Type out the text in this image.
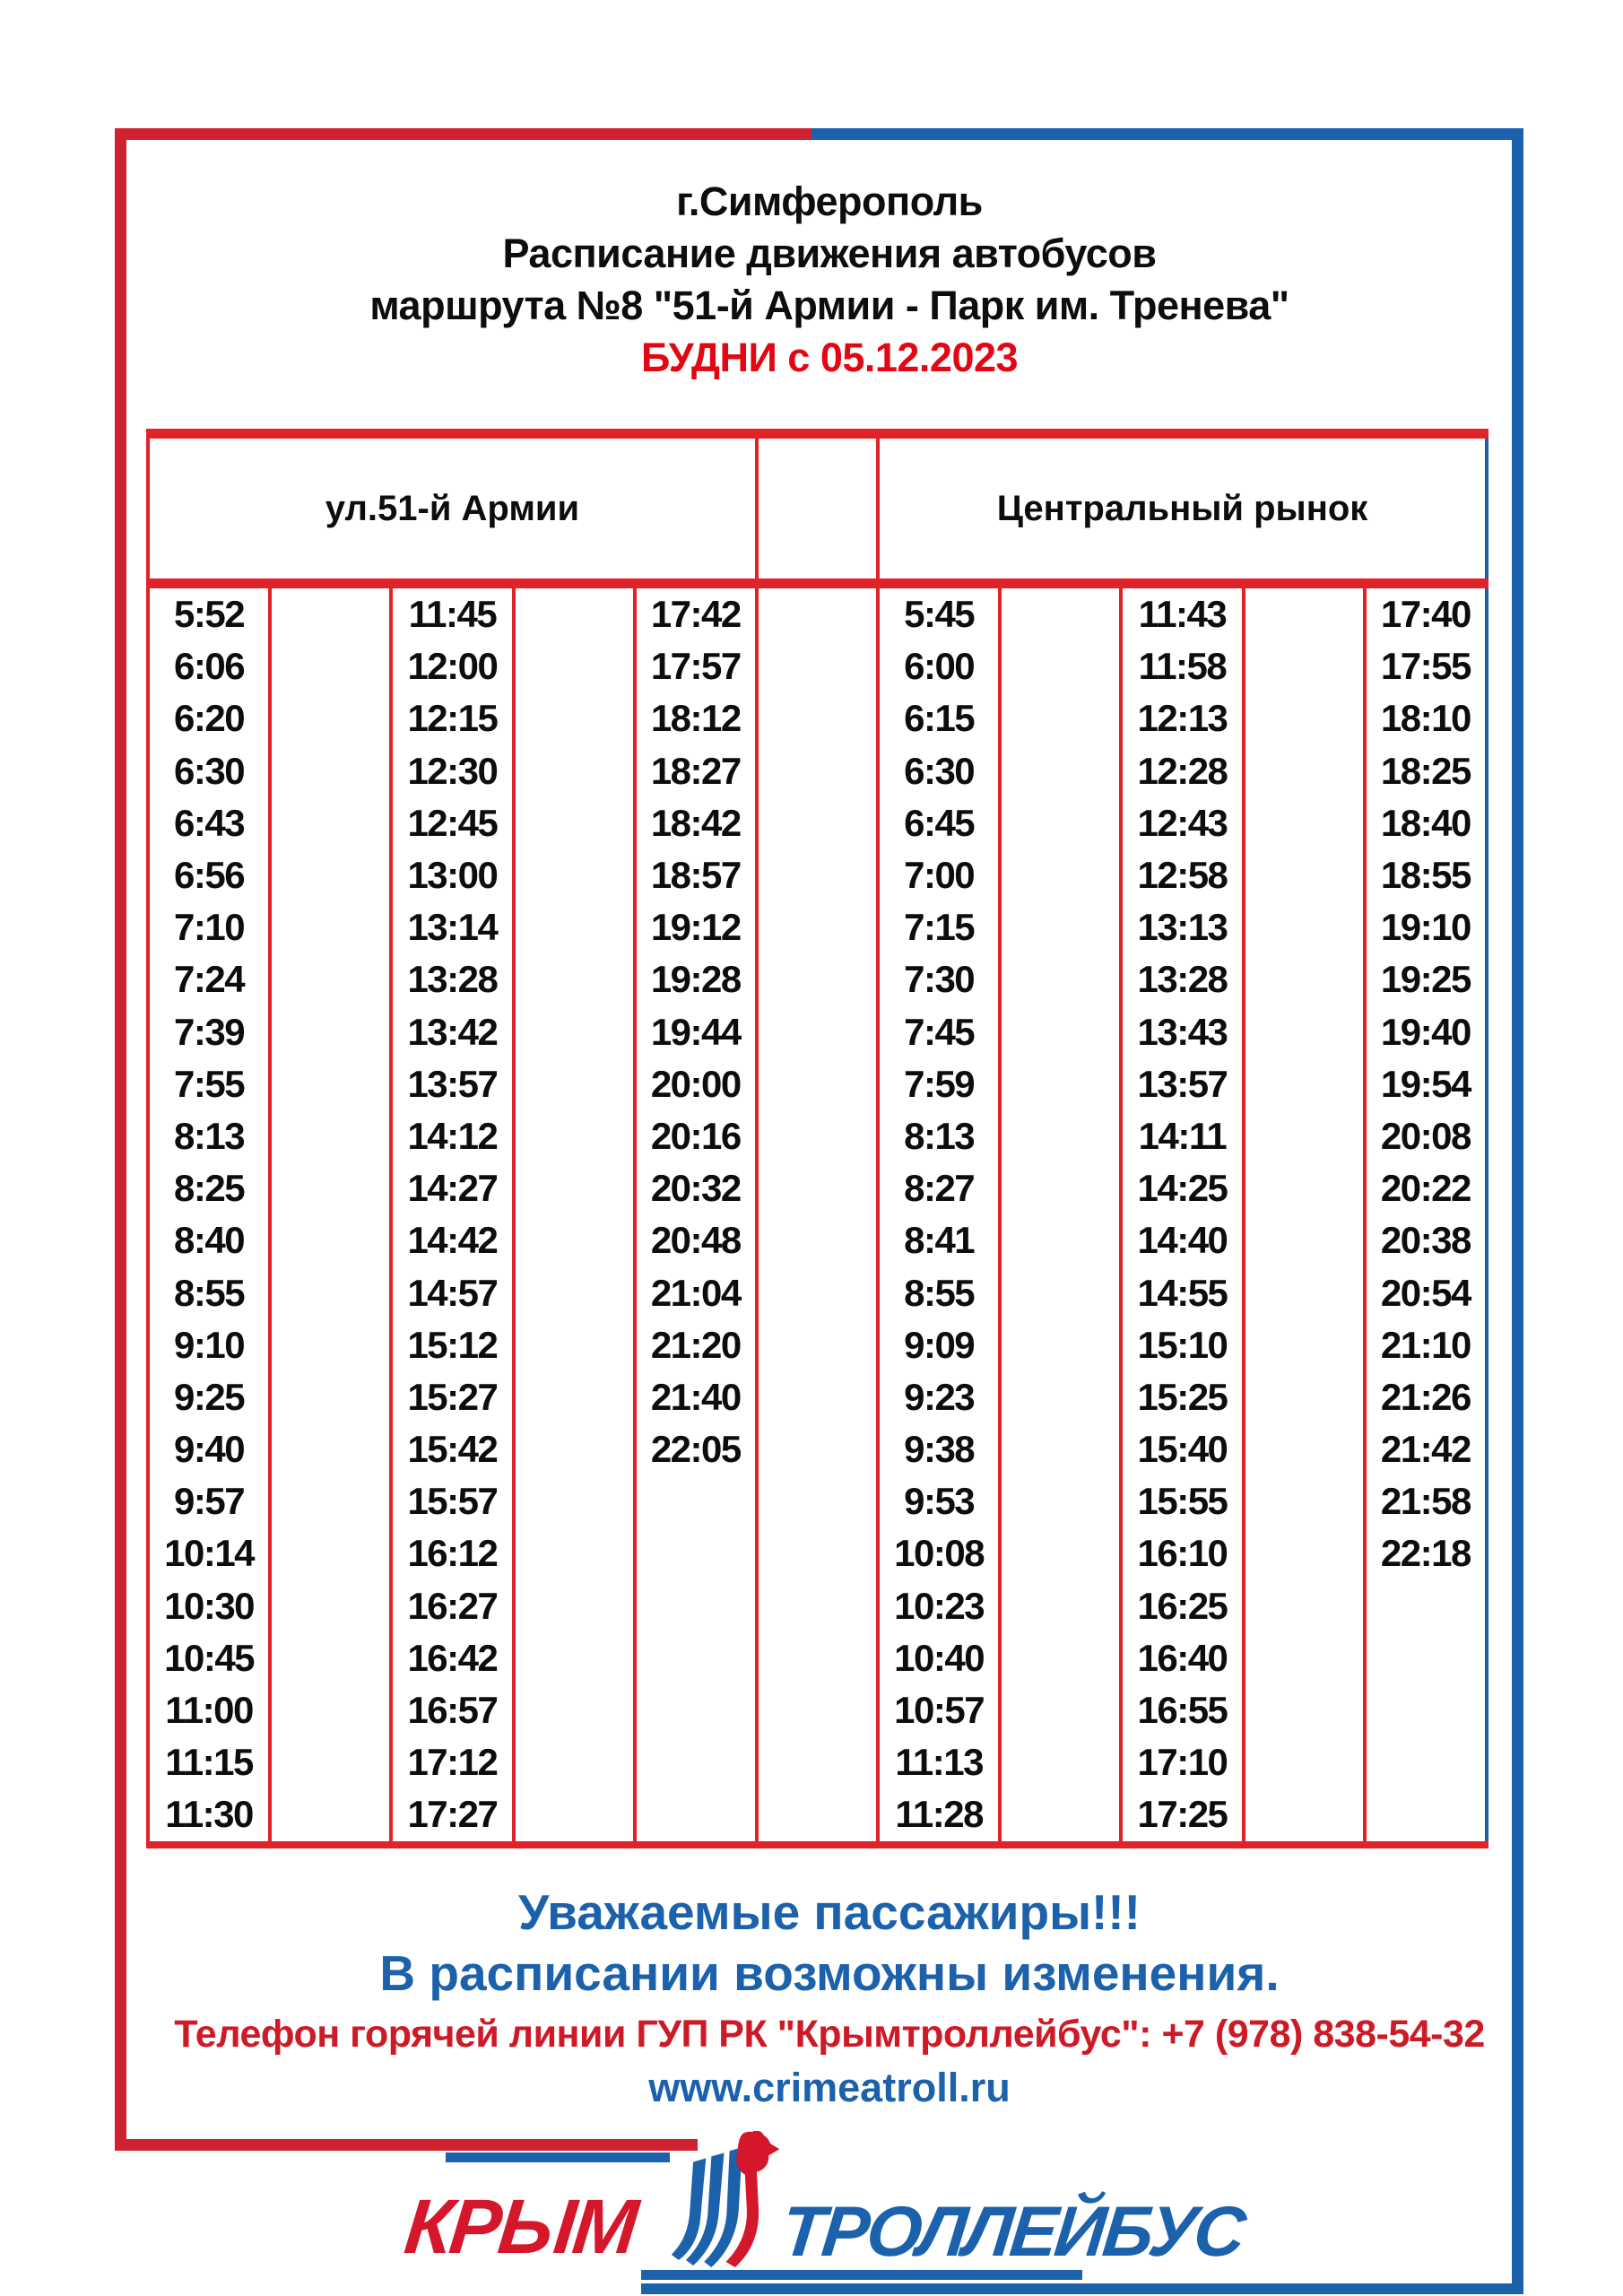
г.Симферополь
Расписание движения автобусов
маршрута №8 "51-й Армии - Парк им. Тренева"
БУДНИ с 05.12.2023
ул.51-й Армии						Центральный рынок				
5:52		11:45		17:42		5:45		11:43		17:40
6:06		12:00		17:57		6:00		11:58		17:55
6:20		12:15		18:12		6:15		12:13		18:10
6:30		12:30		18:27		6:30		12:28		18:25
6:43		12:45		18:42		6:45		12:43		18:40
6:56		13:00		18:57		7:00		12:58		18:55
7:10		13:14		19:12		7:15		13:13		19:10
7:24		13:28		19:28		7:30		13:28		19:25
7:39		13:42		19:44		7:45		13:43		19:40
7:55		13:57		20:00		7:59		13:57		19:54
8:13		14:12		20:16		8:13		14:11		20:08
8:25		14:27		20:32		8:27		14:25		20:22
8:40		14:42		20:48		8:41		14:40		20:38
8:55		14:57		21:04		8:55		14:55		20:54
9:10		15:12		21:20		9:09		15:10		21:10
9:25		15:27		21:40		9:23		15:25		21:26
9:40		15:42		22:05		9:38		15:40		21:42
9:57		15:57				9:53		15:55		21:58
10:14		16:12				10:08		16:10		22:18
10:30		16:27				10:23		16:25		
10:45		16:42				10:40		16:40		
11:00		16:57				10:57		16:55		
11:15		17:12				11:13		17:10		
11:30		17:27				11:28		17:25		
Уважаемые пассажиры!!!
В расписании возможны изменения.
Телефон горячей линии ГУП РК "Крымтроллейбус": +7 (978) 838-54-32
www.crimeatroll.ru
КРЫМ ТРОЛЛЕЙБУС
